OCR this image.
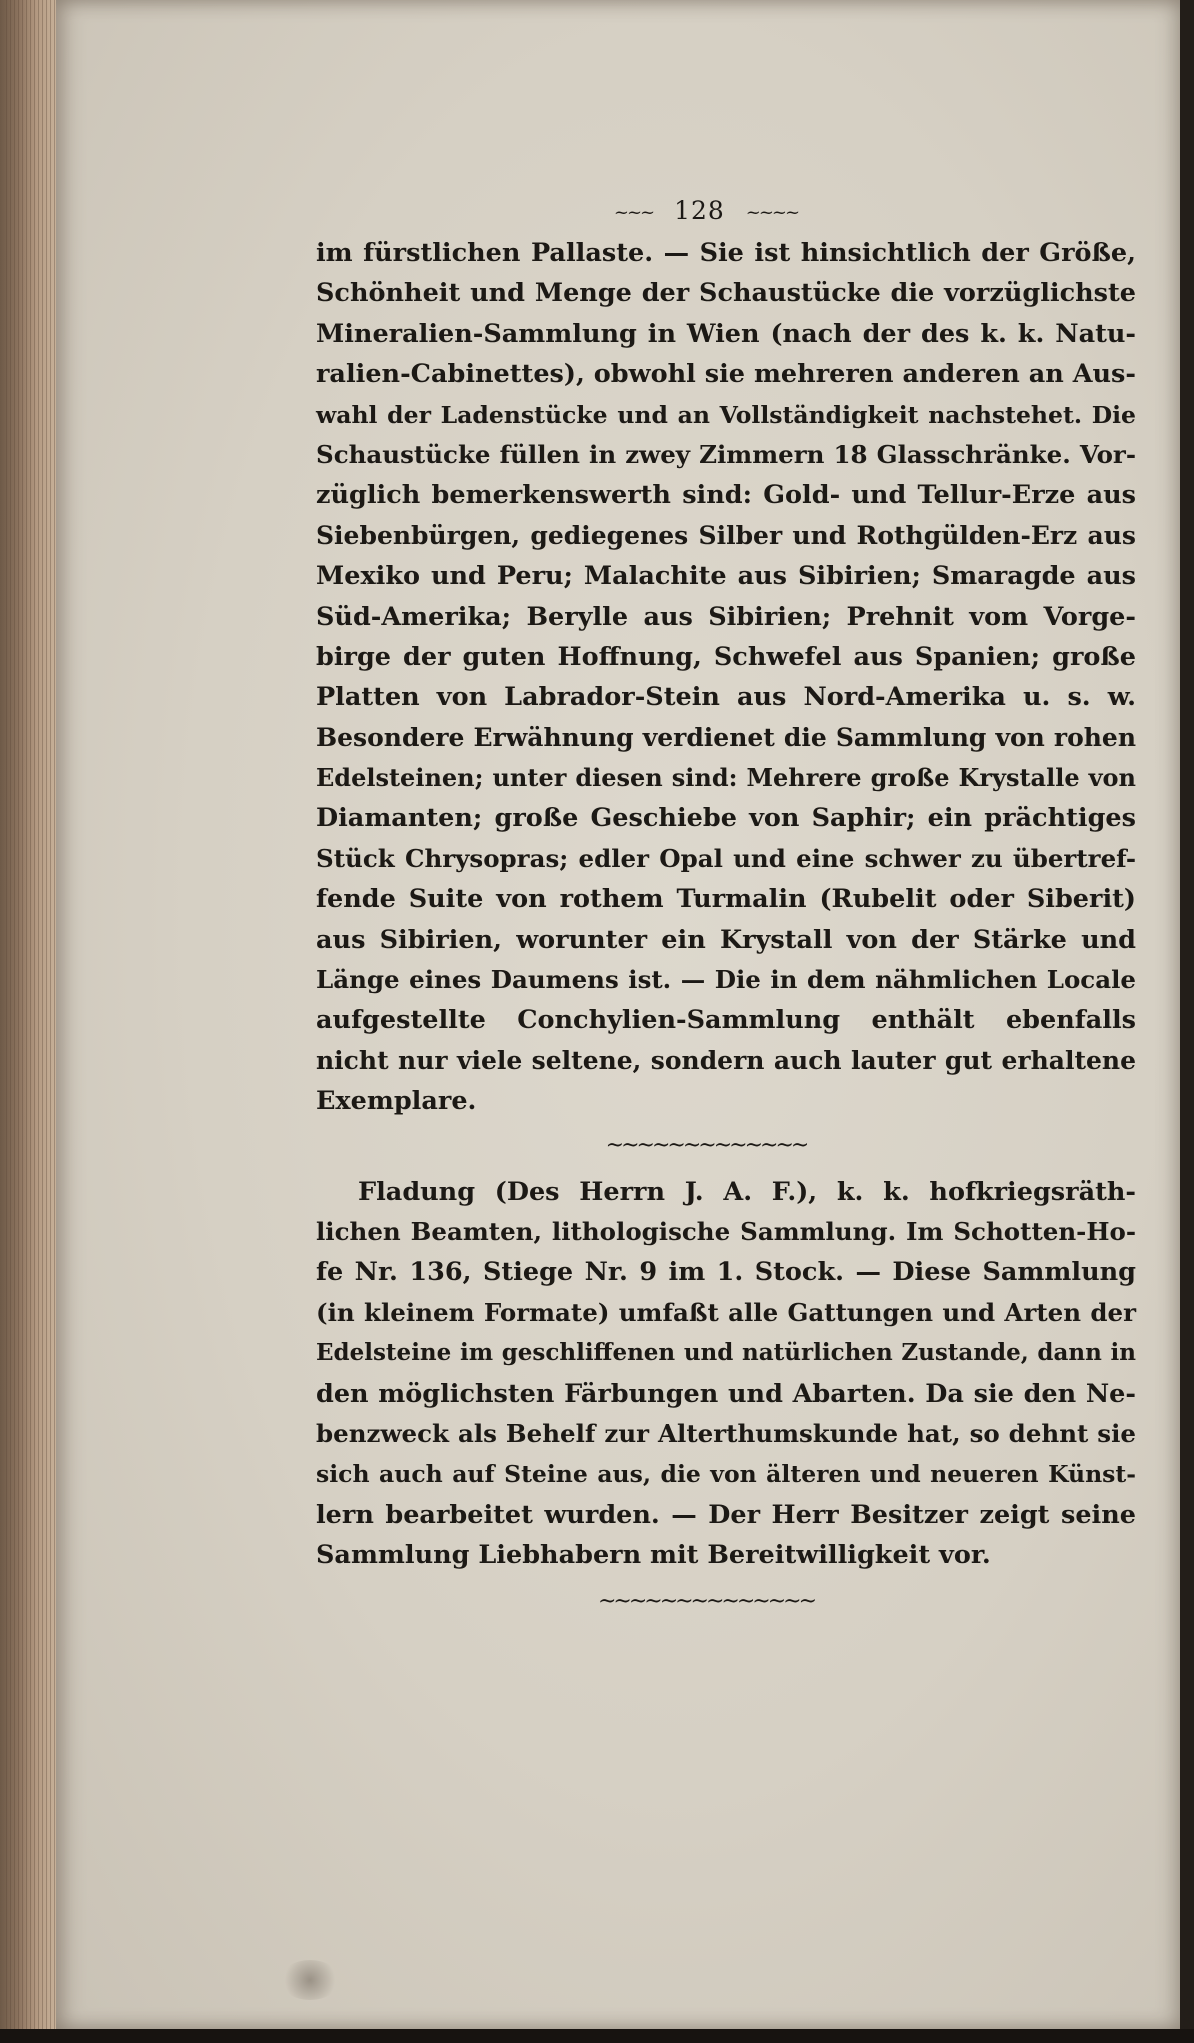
~~~ 128 ~~~~
im fürstlichen Pallaste. — Sie ist hinsichtlich der Größe,
Schönheit und Menge der Schaustücke die vorzüglichste
Mineralien-Sammlung in Wien (nach der des k. k. Natu-
ralien-Cabinettes), obwohl sie mehreren anderen an Aus-
wahl der Ladenstücke und an Vollständigkeit nachstehet. Die
Schaustücke füllen in zwey Zimmern 18 Glasschränke. Vor-
züglich bemerkenswerth sind: Gold- und Tellur-Erze aus
Siebenbürgen, gediegenes Silber und Rothgülden-Erz aus
Mexiko und Peru; Malachite aus Sibirien; Smaragde aus
Süd-Amerika; Beryllе aus Sibirien; Prehnit vom Vorge-
birge der guten Hoffnung, Schwefel aus Spanien; große
Platten von Labrador-Stein aus Nord-Amerika u. s. w.
Besondere Erwähnung verdienet die Sammlung von rohen
Edelsteinen; unter diesen sind: Mehrere große Krystalle von
Diamanten; große Geschiebe von Saphir; ein prächtiges
Stück Chrysopras; edler Opal und eine schwer zu übertref-
fende Suite von rothem Turmalin (Rubelit oder Siberit)
aus Sibirien, worunter ein Krystall von der Stärke und
Länge eines Daumens ist. — Die in dem nähmlichen Locale
aufgestellte Conchylien-Sammlung enthält ebenfalls
nicht nur viele seltene, sondern auch lauter gut erhaltene
Exemplare.
~~~~~~~~~~~~~
Fladung (Des Herrn J. A. F.), k. k. hofkriegsräth-
lichen Beamten, lithologische Sammlung. Im Schotten-Ho-
fe Nr. 136, Stiege Nr. 9 im 1. Stock. — Diese Sammlung
(in kleinem Formate) umfaßt alle Gattungen und Arten der
Edelsteine im geschliffenen und natürlichen Zustande, dann in
den möglichsten Färbungen und Abarten. Da sie den Ne-
benzweck als Behelf zur Alterthumskunde hat, so dehnt sie
sich auch auf Steine aus, die von älteren und neueren Künst-
lern bearbeitet wurden. — Der Herr Besitzer zeigt seine
Sammlung Liebhabern mit Bereitwilligkeit vor.
~~~~~~~~~~~~~~
